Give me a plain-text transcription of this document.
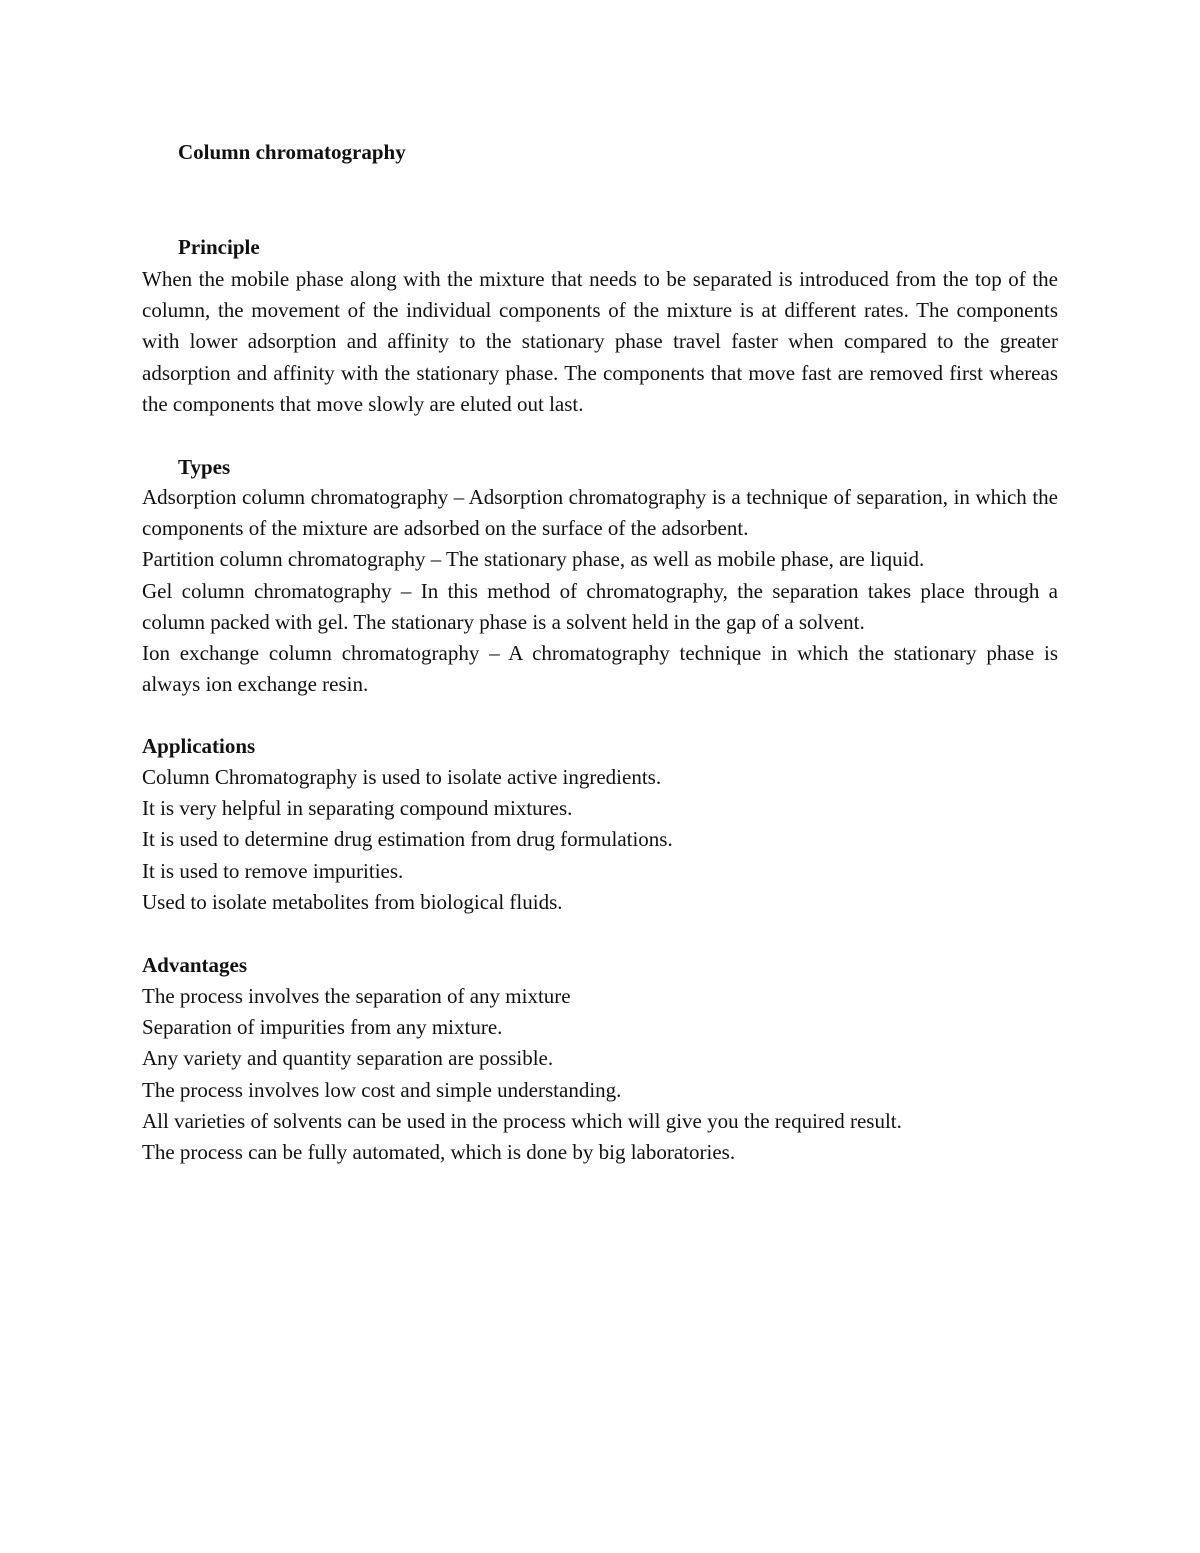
Column chromatography
Principle

When the mobile phase along with the mixture that needs to be separated is introduced from the top of the column, the movement of the individual components of the mixture is at different rates. The components with lower adsorption and affinity to the stationary phase travel faster when compared to the greater adsorption and affinity with the stationary phase. The components that move fast are removed first whereas the components that move slowly are eluted out last.

Types

Adsorption column chromatography – Adsorption chromatography is a technique of separation, in which the components of the mixture are adsorbed on the surface of the adsorbent.

Partition column chromatography – The stationary phase, as well as mobile phase, are liquid.

Gel column chromatography – In this method of chromatography, the separation takes place through a column packed with gel. The stationary phase is a solvent held in the gap of a solvent.

Ion exchange column chromatography – A chromatography technique in which the stationary phase is always ion exchange resin.

Applications
Column Chromatography is used to isolate active ingredients.
It is very helpful in separating compound mixtures.
It is used to determine drug estimation from drug formulations.
It is used to remove impurities.
Used to isolate metabolites from biological fluids.
Advantages
The process involves the separation of any mixture
Separation of impurities from any mixture.
Any variety and quantity separation are possible.
The process involves low cost and simple understanding.
All varieties of solvents can be used in the process which will give you the required result.
The process can be fully automated, which is done by big laboratories.
